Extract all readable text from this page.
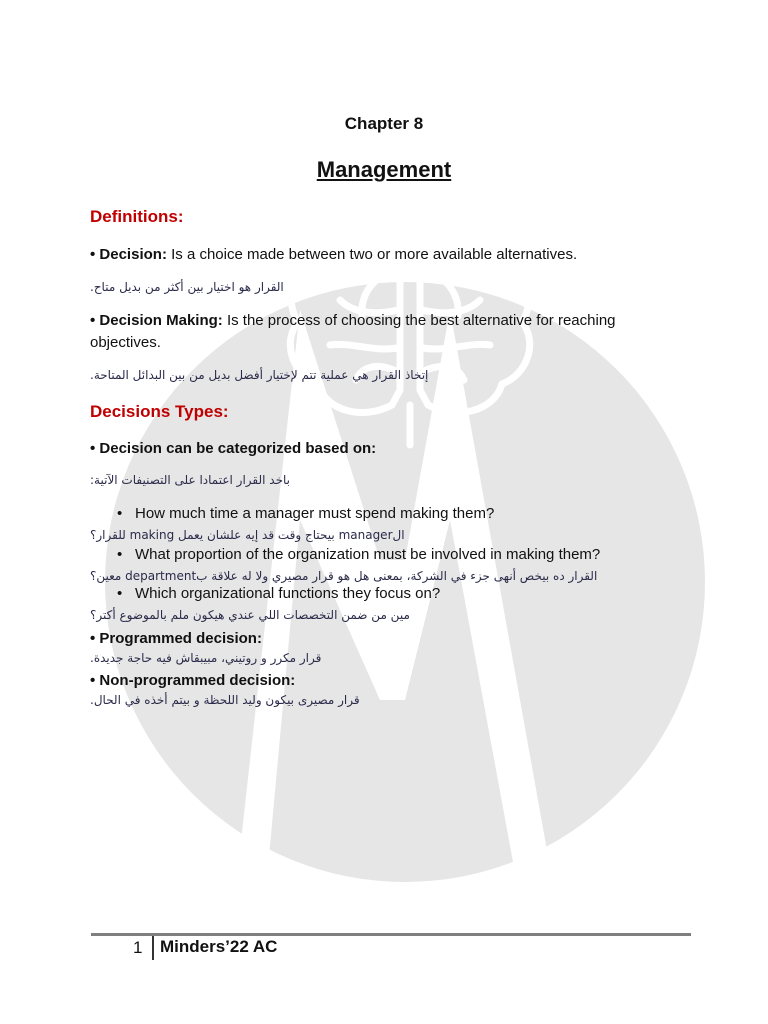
Chapter 8
Management
Definitions:
• Decision: Is a choice made between two or more available alternatives.
القرار هو اختيار بين أكثر من بديل متاح.
• Decision Making: Is the process of choosing the best alternative for reaching objectives.
إتخاذ القرار هي عملية تتم لإختيار أفضل بديل من بين البدائل المتاحة.
Decisions Types:
• Decision can be categorized based on:
باخد القرار اعتمادا على التصنيفات الآتية:
• How much time a manager must spend making them?
الmanager بيحتاج وقت قد إيه علشان يعمل making للقرار؟
• What proportion of the organization must be involved in making them?
القرار ده بيخص أنهى جزء في الشركة، بمعنى هل هو قرار مصيري ولا له علاقة بdepartment معين؟
• Which organizational functions they focus on?
مين من ضمن التخصصات اللي عندي هيكون ملم بالموضوع أكتر؟
• Programmed decision:
قرار مكرر و روتيني، مبيبقاش فيه حاجة جديدة.
• Non-programmed decision:
قرار مصيرى بيكون وليد اللحظة و بيتم أخذه في الحال.
1 Minders’22 AC
